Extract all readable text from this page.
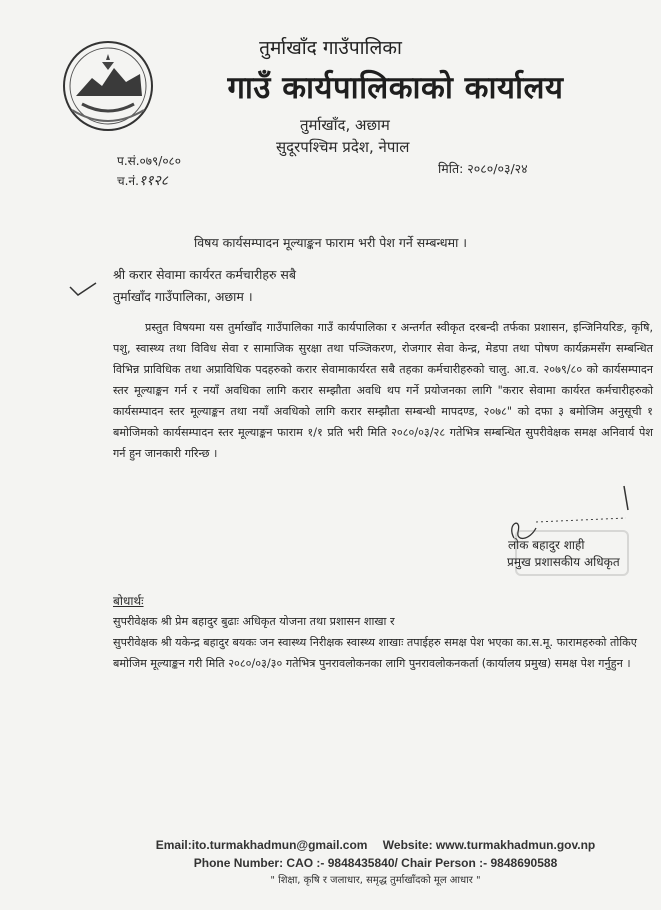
तुर्माखाँद गाउँपालिका
गाउँ कार्यपालिकाको कार्यालय
तुर्माखाँद, अछाम
सुदूरपश्चिम प्रदेश, नेपाल
प.सं.०७९/०८०
च.नं.११२८
मिति: २०८०/०३/२४
विषय कार्यसम्पादन मूल्याङ्कन फाराम भरी पेश गर्ने सम्बन्धमा ।
श्री करार सेवामा कार्यरत कर्मचारीहरु सबै
तुर्माखाँद गाउँपालिका, अछाम ।
प्रस्तुत विषयमा यस तुर्माखाँद गाउँपालिका गाउँ कार्यपालिका र अन्तर्गत स्वीकृत दरबन्दी तर्फका प्रशासन, इन्जिनियरिङ, कृषि, पशु, स्वास्थ्य तथा विविध सेवा र सामाजिक सुरक्षा तथा पञ्जिकरण, रोजगार सेवा केन्द्र, मेडपा तथा पोषण कार्यक्रमसँग सम्बन्धित विभिन्न प्राविधिक तथा अप्राविधिक पदहरुको करार सेवामाकार्यरत सबै तहका कर्मचारीहरुको चालु. आ.व. २०७९/८० को कार्यसम्पादन स्तर मूल्याङ्कन गर्न र नयाँ अवधिका लागि करार सम्झौता अवधि थप गर्ने प्रयोजनका लागि "करार सेवामा कार्यरत कर्मचारीहरुको कार्यसम्पादन स्तर मूल्याङ्कन तथा नयाँ अवधिको लागि करार सम्झौता सम्बन्धी मापदण्ड, २०७८" को दफा ३ बमोजिम अनुसूची १ बमोजिमको कार्यसम्पादन स्तर मूल्याङ्कन फाराम १/१ प्रति भरी मिति २०८०/०३/२८ गतेभित्र सम्बन्धित सुपरीवेक्षक समक्ष अनिवार्य पेश गर्न हुन जानकारी गरिन्छ ।
लोक बहादुर शाही
प्रमुख प्रशासकीय अधिकृत
बोधार्थः
सुपरीवेक्षक श्री प्रेम बहादुर बुढाः अधिकृत योजना तथा प्रशासन शाखा र
सुपरीवेक्षक श्री यकेन्द्र बहादुर बयकः जन स्वास्थ्य निरीक्षक स्वास्थ्य शाखाः तपाईहरु समक्ष पेश भएका का.स.मू. फारामहरुको तोकिए बमोजिम मूल्याङ्कन गरी मिति २०८०/०३/३० गतेभित्र पुनरावलोकनका लागि पुनरावलोकनकर्ता (कार्यालय प्रमुख) समक्ष पेश गर्नुहुन ।
Email:ito.turmakhadmun@gmail.com Website: www.turmakhadmun.gov.np
Phone Number: CAO :- 9848435840/ Chair Person :- 9848690588
" शिक्षा, कृषि र जलाधार, समृद्ध तुर्माखाँदको मूल आधार "
